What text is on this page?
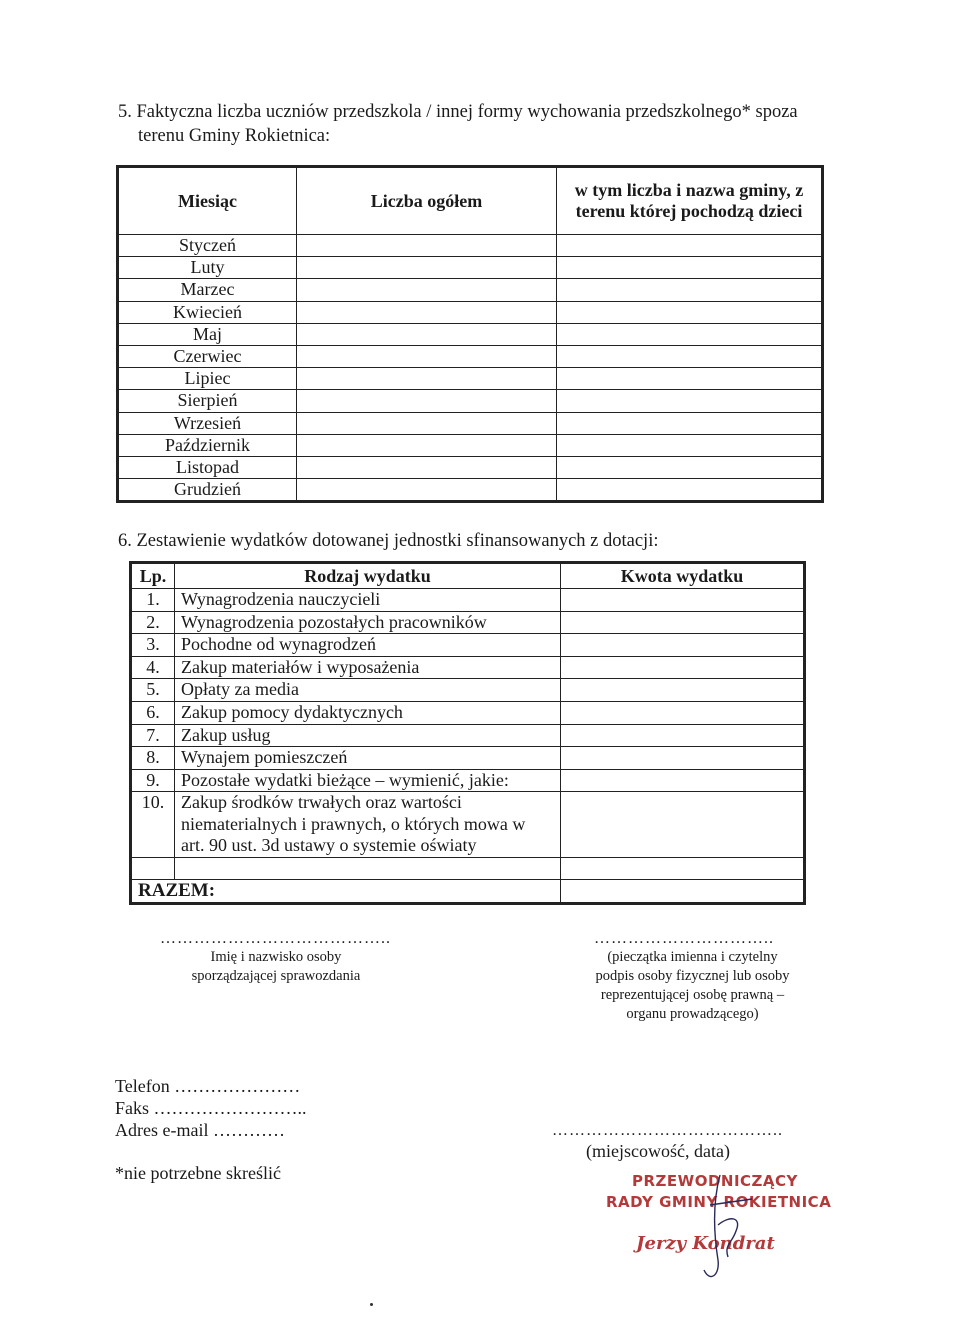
5. Faktyczna liczba uczniów przedszkola / innej formy wychowania przedszkolnego* spoza
terenu Gminy Rokietnica:
Miesiąc	Liczba ogółem	w tym liczba i nazwa gminy, z terenu której pochodzą dzieci
Styczeń		
Luty		
Marzec		
Kwiecień		
Maj		
Czerwiec		
Lipiec		
Sierpień		
Wrzesień		
Październik		
Listopad		
Grudzień		
6. Zestawienie wydatków dotowanej jednostki sfinansowanych z dotacji:
Lp.	Rodzaj wydatku	Kwota wydatku
1.	Wynagrodzenia nauczycieli	
2.	Wynagrodzenia pozostałych pracowników	
3.	Pochodne od wynagrodzeń	
4.	Zakup materiałów i wyposażenia	
5.	Opłaty za media	
6.	Zakup pomocy dydaktycznych	
7.	Zakup usług	
8.	Wynajem pomieszczeń	
9.	Pozostałe wydatki bieżące – wymienić, jakie:	
10.	Zakup środków trwałych oraz wartości niematerialnych i prawnych, o których mowa w art. 90 ust. 3d ustawy o systemie oświaty	

RAZEM:		
…………………………………..
Imię i nazwisko osoby sporządzającej sprawozdania
…………………………..
(pieczątka imienna i czytelny podpis osoby fizycznej lub osoby reprezentującej osobę prawną – organu prowadzącego)
Telefon …………………
Faks ……………………..
Adres e-mail …………
*nie potrzebne skreślić
…………………………………..
(miejscowość, data)
PRZEWODNICZĄCY
RADY GMINY ROKIETNICA
Jerzy Kondrat
